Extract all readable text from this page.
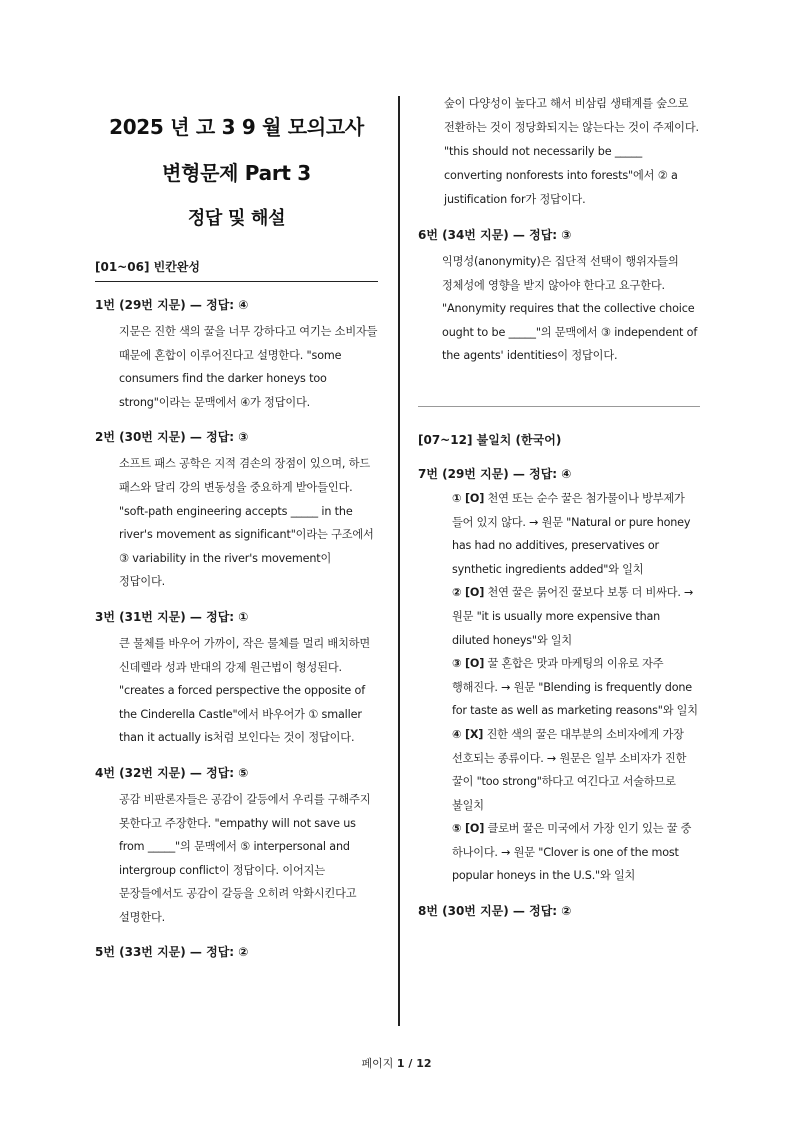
2025 년 고 3 9 월 모의고사
변형문제 Part 3
정답 및 해설
[01~06] 빈칸완성
1번 (29번 지문) — 정답: ④
지문은 진한 색의 꿀을 너무 강하다고 여기는 소비자들 때문에 혼합이 이루어진다고 설명한다. "some consumers find the darker honeys too strong"이라는 문맥에서 ④가 정답이다.
2번 (30번 지문) — 정답: ③
소프트 패스 공학은 지적 겸손의 장점이 있으며, 하드 패스와 달리 강의 변동성을 중요하게 받아들인다. "soft-path engineering accepts _____ in the river's movement as significant"이라는 구조에서 ③ variability in the river's movement이 정답이다.
3번 (31번 지문) — 정답: ①
큰 물체를 바우어 가까이, 작은 물체를 멀리 배치하면 신데렐라 성과 반대의 강제 원근법이 형성된다. "creates a forced perspective the opposite of the Cinderella Castle"에서 바우어가 ① smaller than it actually is처럼 보인다는 것이 정답이다.
4번 (32번 지문) — 정답: ⑤
공감 비판론자들은 공감이 갈등에서 우리를 구해주지 못한다고 주장한다. "empathy will not save us from _____"의 문맥에서 ⑤ interpersonal and intergroup conflict이 정답이다. 이어지는 문장들에서도 공감이 갈등을 오히려 악화시킨다고 설명한다.
5번 (33번 지문) — 정답: ②
숲이 다양성이 높다고 해서 비삼림 생태계를 숲으로 전환하는 것이 정당화되지는 않는다는 것이 주제이다. "this should not necessarily be _____ converting nonforests into forests"에서 ② a justification for가 정답이다.
6번 (34번 지문) — 정답: ③
익명성(anonymity)은 집단적 선택이 행위자들의 정체성에 영향을 받지 않아야 한다고 요구한다. "Anonymity requires that the collective choice ought to be _____"의 문맥에서 ③ independent of the agents' identities이 정답이다.
[07~12] 불일치 (한국어)
7번 (29번 지문) — 정답: ④
① [O] 천연 또는 순수 꿀은 첨가물이나 방부제가 들어 있지 않다. → 원문 "Natural or pure honey has had no additives, preservatives or synthetic ingredients added"와 일치
② [O] 천연 꿀은 묽어진 꿀보다 보통 더 비싸다. → 원문 "it is usually more expensive than diluted honeys"와 일치
③ [O] 꿀 혼합은 맛과 마케팅의 이유로 자주 행해진다. → 원문 "Blending is frequently done for taste as well as marketing reasons"와 일치
④ [X] 진한 색의 꿀은 대부분의 소비자에게 가장 선호되는 종류이다. → 원문은 일부 소비자가 진한 꿀이 "too strong"하다고 여긴다고 서술하므로 불일치
⑤ [O] 클로버 꿀은 미국에서 가장 인기 있는 꿀 중 하나이다. → 원문 "Clover is one of the most popular honeys in the U.S."와 일치
8번 (30번 지문) — 정답: ②
페이지 1 / 12
